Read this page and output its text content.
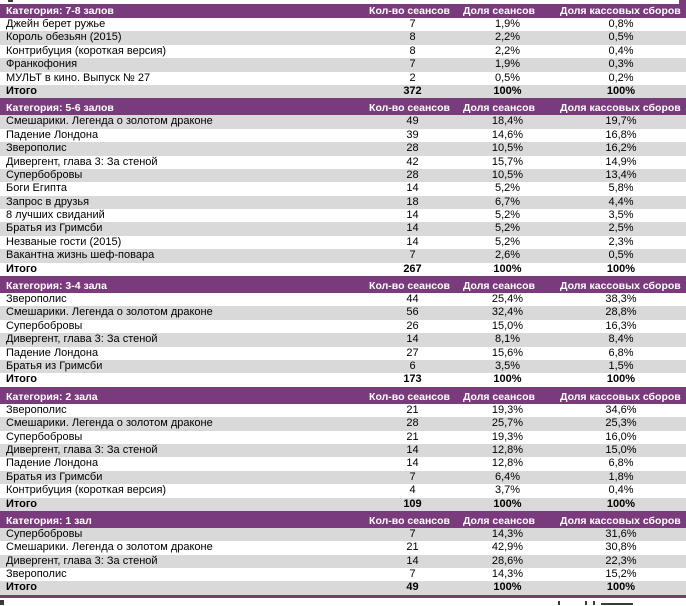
Категория: 7-8 залов	Кол-во сеансов	Доля сеансов	Доля кассовых сборов
Джейн берет ружье	7	1,9%	0,8%
Король обезьян (2015)	8	2,2%	0,5%
Контрибуция (короткая версия)	8	2,2%	0,4%
Франкофония	7	1,9%	0,3%
МУЛЬТ в кино. Выпуск № 27	2	0,5%	0,2%
Итого	372	100%	100%
Категория: 5-6 залов	Кол-во сеансов	Доля сеансов	Доля кассовых сборов
Смешарики. Легенда о золотом драконе	49	18,4%	19,7%
Падение Лондона	39	14,6%	16,8%
Зверополис	28	10,5%	16,2%
Дивергент, глава 3: За стеной	42	15,7%	14,9%
Супербобровы	28	10,5%	13,4%
Боги Египта	14	5,2%	5,8%
Запрос в друзья	18	6,7%	4,4%
8 лучших свиданий	14	5,2%	3,5%
Братья из Гримсби	14	5,2%	2,5%
Незваные гости (2015)	14	5,2%	2,3%
Вакантна жизнь шеф-повара	7	2,6%	0,5%
Итого	267	100%	100%
Категория: 3-4 зала	Кол-во сеансов	Доля сеансов	Доля кассовых сборов
Зверополис	44	25,4%	38,3%
Смешарики. Легенда о золотом драконе	56	32,4%	28,8%
Супербобровы	26	15,0%	16,3%
Дивергент, глава 3: За стеной	14	8,1%	8,4%
Падение Лондона	27	15,6%	6,8%
Братья из Гримсби	6	3,5%	1,5%
Итого	173	100%	100%
Категория: 2 зала	Кол-во сеансов	Доля сеансов	Доля кассовых сборов
Зверополис	21	19,3%	34,6%
Смешарики. Легенда о золотом драконе	28	25,7%	25,3%
Супербобровы	21	19,3%	16,0%
Дивергент, глава 3: За стеной	14	12,8%	15,0%
Падение Лондона	14	12,8%	6,8%
Братья из Гримсби	7	6,4%	1,8%
Контрибуция (короткая версия)	4	3,7%	0,4%
Итого	109	100%	100%
Категория: 1 зал	Кол-во сеансов	Доля сеансов	Доля кассовых сборов
Супербобровы	7	14,3%	31,6%
Смешарики. Легенда о золотом драконе	21	42,9%	30,8%
Дивергент, глава 3: За стеной	14	28,6%	22,3%
Зверополис	7	14,3%	15,2%
Итого	49	100%	100%
